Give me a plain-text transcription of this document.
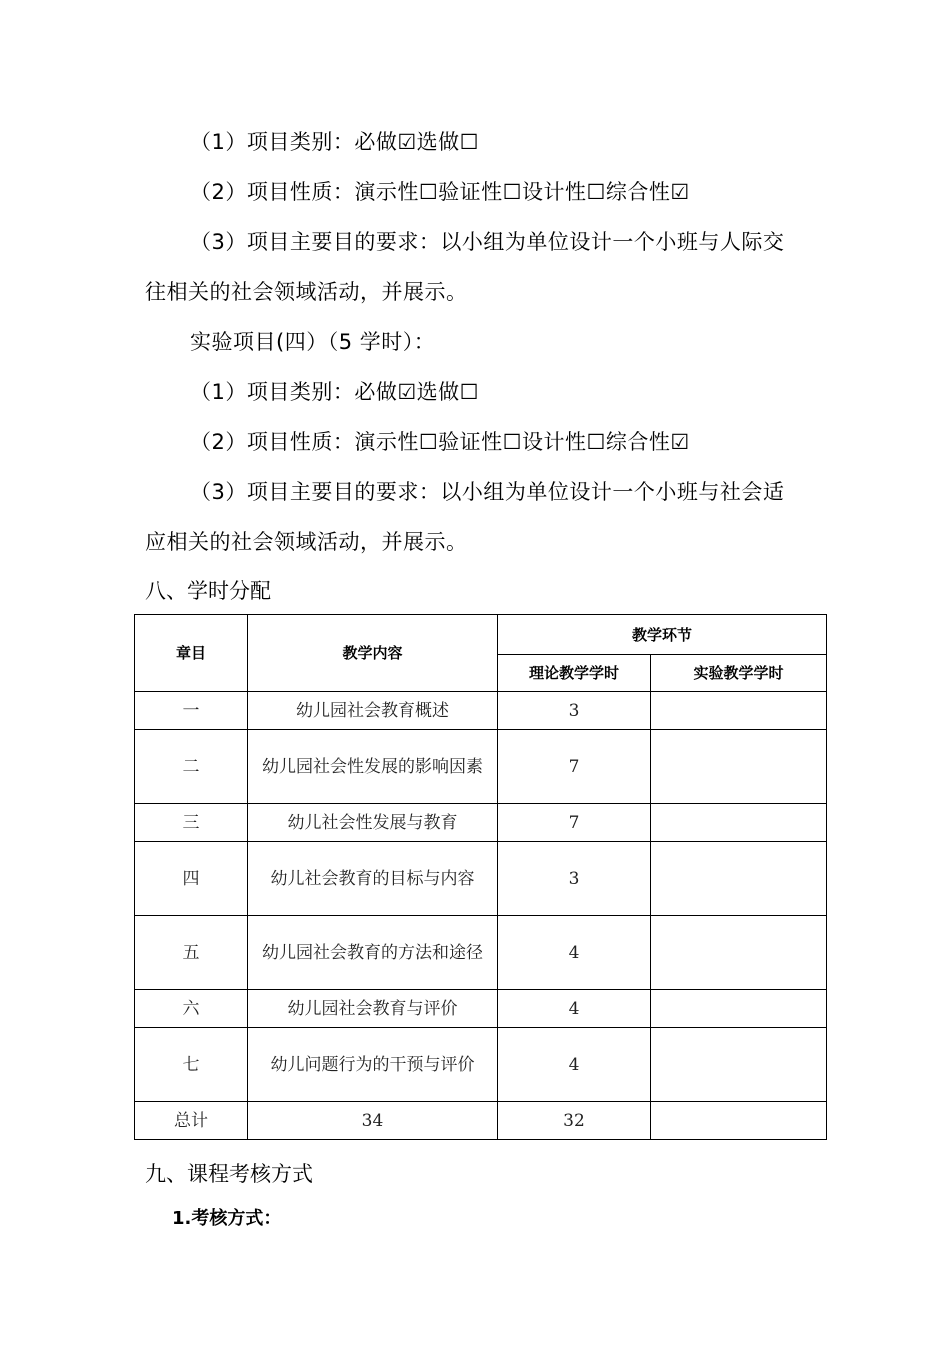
（1）项目类别：必做☑选做☐
（2）项目性质：演示性☐验证性☐设计性☐综合性☑
（3）项目主要目的要求：以小组为单位设计一个小班与人际交
往相关的社会领域活动，并展示。
实验项目(四）（5 学时）：
（1）项目类别：必做☑选做☐
（2）项目性质：演示性☐验证性☐设计性☐综合性☑
（3）项目主要目的要求：以小组为单位设计一个小班与社会适
应相关的社会领域活动，并展示。
八、学时分配
章目	教学内容	教学环节	
		理论教学学时	实验教学学时
一	幼儿园社会教育概述	3	
二	幼儿园社会性发展的影响因素	7	
三	幼儿社会性发展与教育	7	
四	幼儿社会教育的目标与内容	3	
五	幼儿园社会教育的方法和途径	4	
六	幼儿园社会教育与评价	4	
七	幼儿问题行为的干预与评价	4	
总计	34	32	
九、课程考核方式
1.考核方式：
